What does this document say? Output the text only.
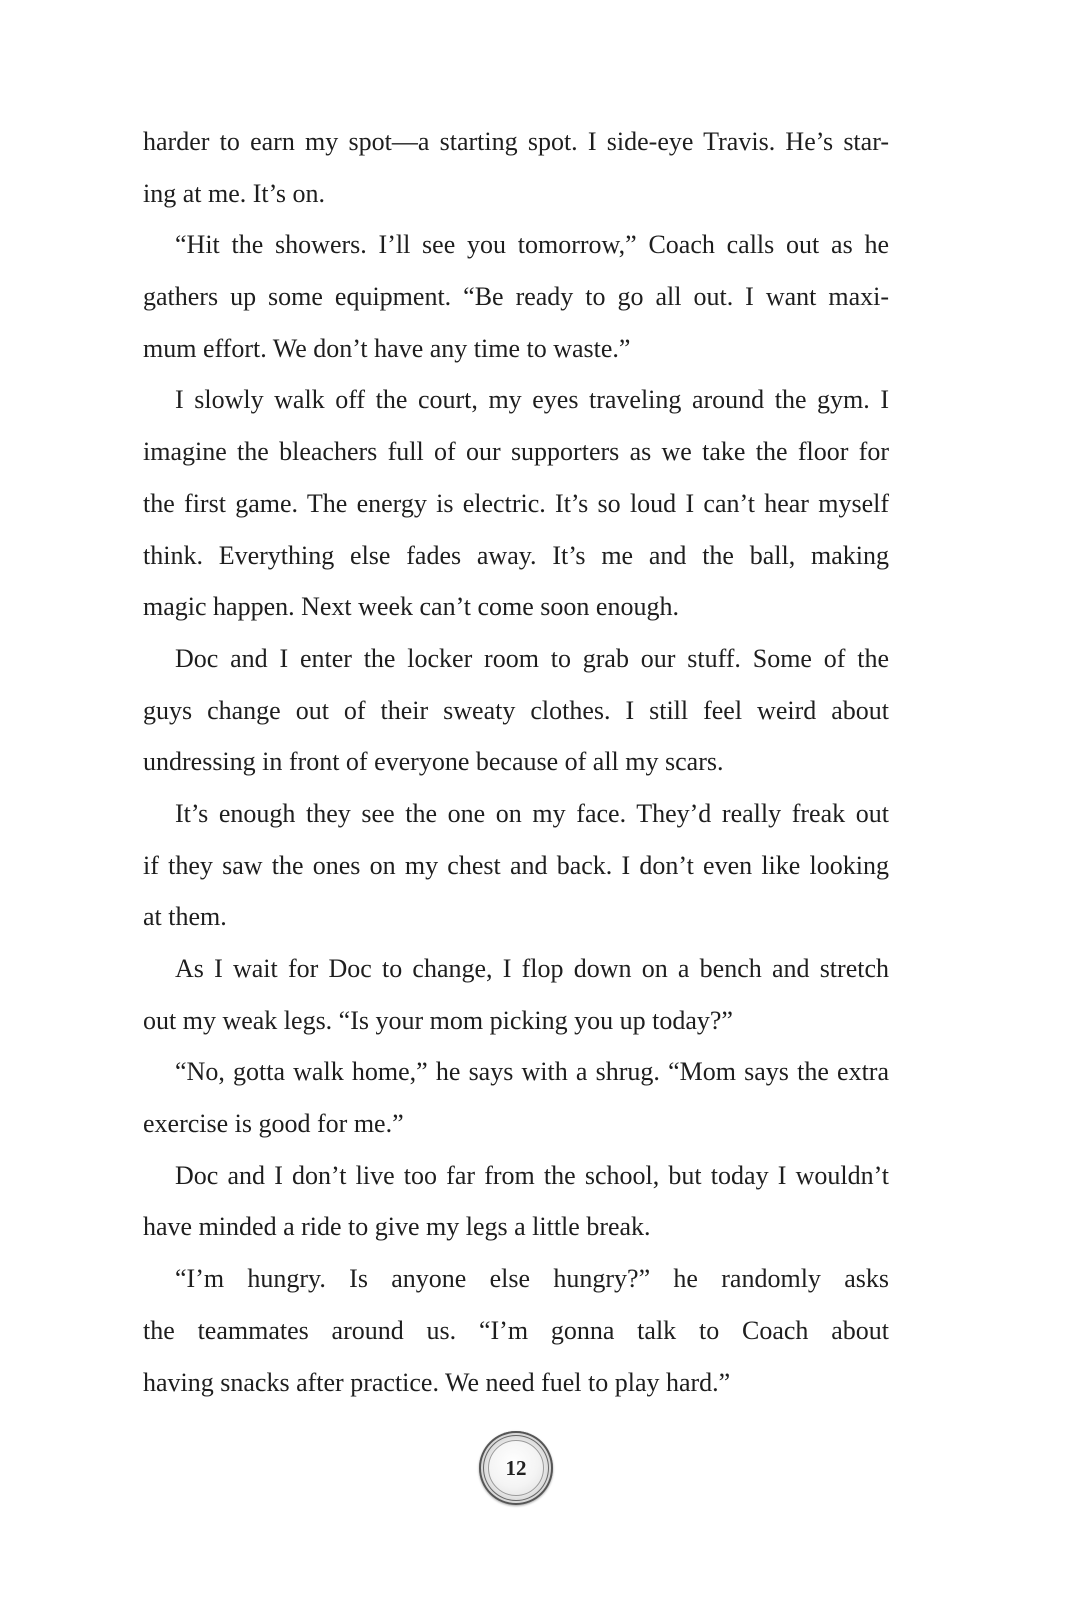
harder to earn my spot—a starting spot. I side-eye Travis. He’s star-
ing at me. It’s on.
“Hit the showers. I’ll see you tomorrow,” Coach calls out as he
gathers up some equipment. “Be ready to go all out. I want maxi-
mum effort. We don’t have any time to waste.”
I slowly walk off the court, my eyes traveling around the gym. I
imagine the bleachers full of our supporters as we take the floor for
the first game. The energy is electric. It’s so loud I can’t hear myself
think. Everything else fades away. It’s me and the ball, making
magic happen. Next week can’t come soon enough.
Doc and I enter the locker room to grab our stuff. Some of the
guys change out of their sweaty clothes. I still feel weird about
undressing in front of everyone because of all my scars.
It’s enough they see the one on my face. They’d really freak out
if they saw the ones on my chest and back. I don’t even like looking
at them.
As I wait for Doc to change, I flop down on a bench and stretch
out my weak legs. “Is your mom picking you up today?”
“No, gotta walk home,” he says with a shrug. “Mom says the extra
exercise is good for me.”
Doc and I don’t live too far from the school, but today I wouldn’t
have minded a ride to give my legs a little break.
“I’m hungry. Is anyone else hungry?” he randomly asks
the teammates around us. “I’m gonna talk to Coach about
having snacks after practice. We need fuel to play hard.”
12
